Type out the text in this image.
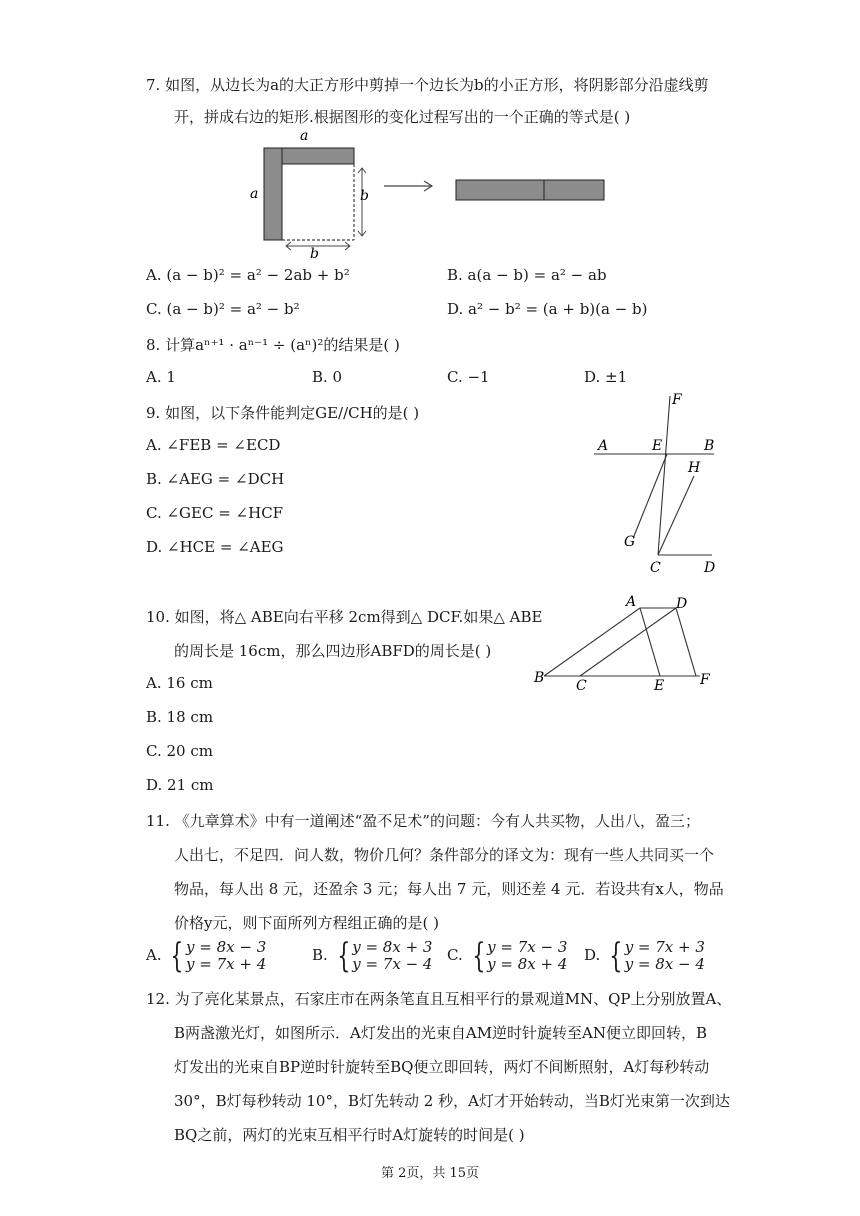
7. 如图，从边长为a的大正方形中剪掉一个边长为b的小正方形，将阴影部分沿虚线剪
开，拼成右边的矩形.根据图形的变化过程写出的一个正确的等式是( )
a
a	b
b
A. (a − b)² = a² − 2ab + b²	B. a(a − b) = a² − ab
C. (a − b)² = a² − b²	D. a² − b² = (a + b)(a − b)
8. 计算aⁿ⁺¹ · aⁿ⁻¹ ÷ (aⁿ)²的结果是( )
A. 1	B. 0	C. −1	D. ±1
9. 如图，以下条件能判定GE//CH的是( )
A. ∠FEB = ∠ECD
B. ∠AEG = ∠DCH
C. ∠GEC = ∠HCF
D. ∠HCE = ∠AEG
F
A	E	B
H
G
C	D
10. 如图，将△ ABE向右平移 2cm得到△ DCF.如果△ ABE
的周长是 16cm，那么四边形ABFD的周长是( )
A. 16 cm
B. 18 cm
C. 20 cm
D. 21 cm
A	D
B C	E	F
11. 《九章算术》中有一道阐述“盈不足术”的问题：今有人共买物，人出八，盈三；
人出七，不足四．问人数，物价几何？条件部分的译文为：现有一些人共同买一个
物品，每人出 8 元，还盈余 3 元；每人出 7 元，则还差 4 元．若设共有x人，物品
价格y元，则下面所列方程组正确的是( )
A. { y = 8x − 3
y = 7x + 4	B. { y = 8x + 3
y = 7x − 4 C. { y = 7x − 3
y = 8x + 4 D. { y = 7x + 3
y = 8x − 4
12. 为了亮化某景点，石家庄市在两条笔直且互相平行的景观道MN、QP上分别放置A、
B两盏激光灯，如图所示．A灯发出的光束自AM逆时针旋转至AN便立即回转，B
灯发出的光束自BP逆时针旋转至BQ便立即回转，两灯不间断照射，A灯每秒转动
30°，B灯每秒转动 10°，B灯先转动 2 秒，A灯才开始转动，当B灯光束第一次到达
BQ之前，两灯的光束互相平行时A灯旋转的时间是( )
第 2页，共 15页
